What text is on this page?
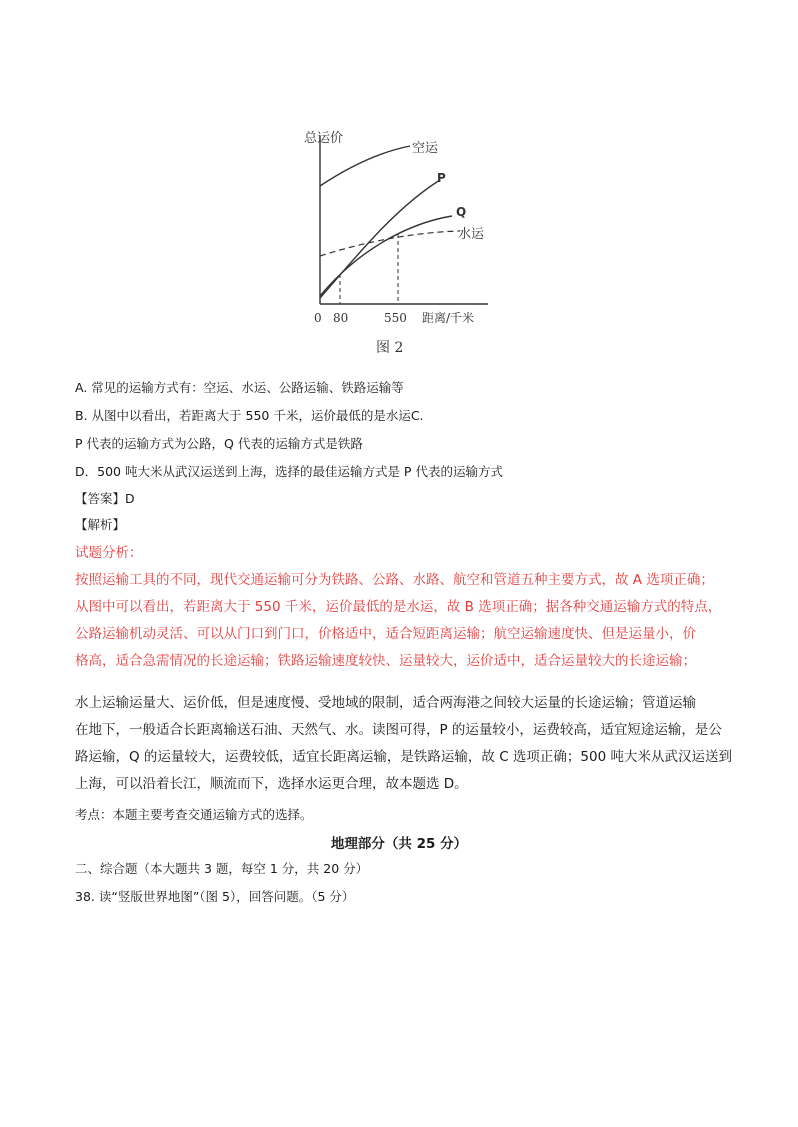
总运价
空运
P
Q
水运
0 80	550 距离/千米
图 2
A. 常见的运输方式有：空运、水运、公路运输、铁路运输等
B. 从图中以看出，若距离大于 550 千米，运价最低的是水运C.
P 代表的运输方式为公路，Q 代表的运输方式是铁路
D．500 吨大米从武汉运送到上海，选择的最佳运输方式是 P 代表的运输方式
【答案】D
【解析】
试题分析：
按照运输工具的不同，现代交通运输可分为铁路、公路、水路、航空和管道五种主要方式，故 A 选项正确；
从图中可以看出，若距离大于 550 千米，运价最低的是水运，故 B 选项正确；据各种交通运输方式的特点，
公路运输机动灵活、可以从门口到门口，价格适中，适合短距离运输；航空运输速度快、但是运量小，价
格高，适合急需情况的长途运输；铁路运输速度较快、运量较大，运价适中，适合运量较大的长途运输；
水上运输运量大、运价低，但是速度慢、受地域的限制，适合两海港之间较大运量的长途运输；管道运输
在地下，一般适合长距离输送石油、天然气、水。读图可得，P 的运量较小，运费较高，适宜短途运输，是公
路运输，Q 的运量较大，运费较低，适宜长距离运输，是铁路运输，故 C 选项正确；500 吨大米从武汉运送到
上海，可以沿着长江，顺流而下，选择水运更合理，故本题选 D。
考点：本题主要考查交通运输方式的选择。
地理部分（共 25 分）
二、综合题（本大题共 3 题，每空 1 分，共 20 分）
38. 读“竖版世界地图”（图 5），回答问题。（5 分）
